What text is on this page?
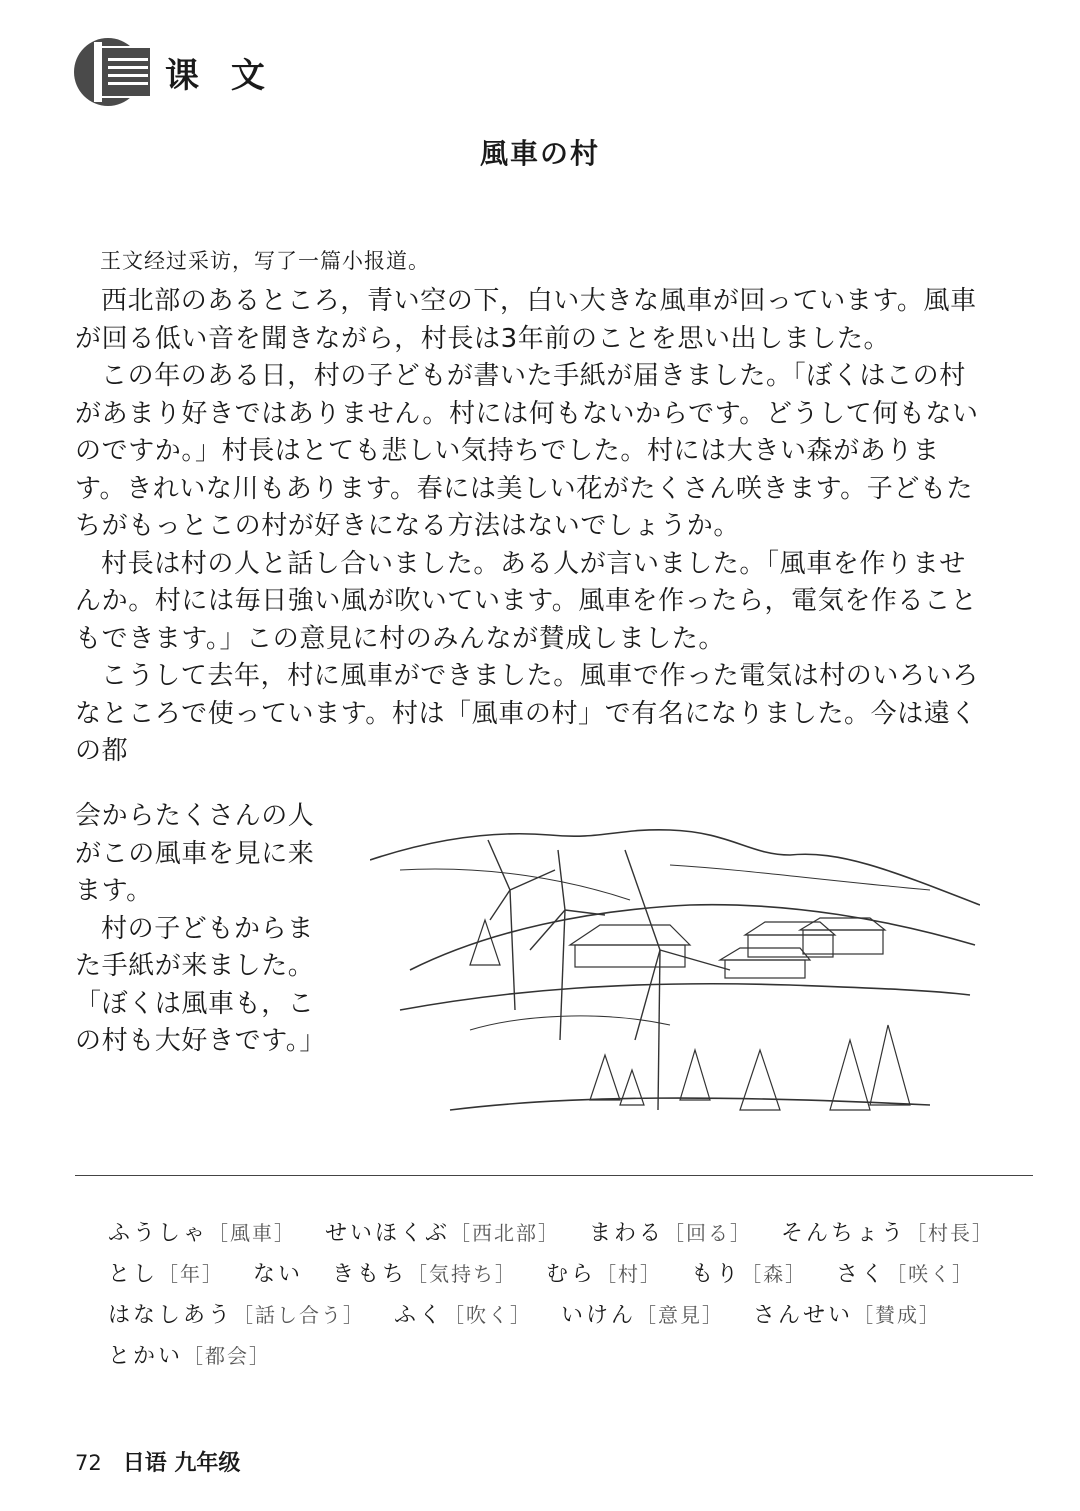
课 文
風車の村
王文经过采访，写了一篇小报道。

西北部のあるところ，青い空の下，白い大きな風車が回っています。風車が回る低い音を聞きながら，村長は3年前のことを思い出しました。

この年のある日，村の子どもが書いた手紙が届きました。「ぼくはこの村があまり好きではありません。村には何もないからです。どうして何もないのですか。」村長はとても悲しい気持ちでした。村には大きい森があります。きれいな川もあります。春には美しい花がたくさん咲きます。子どもたちがもっとこの村が好きになる方法はないでしょうか。

村長は村の人と話し合いました。ある人が言いました。「風車を作りませんか。村には毎日強い風が吹いています。風車を作ったら，電気を作ることもできます。」この意見に村のみんなが賛成しました。

こうして去年，村に風車ができました。風車で作った電気は村のいろいろなところで使っています。村は「風車の村」で有名になりました。今は遠くの都

会からたくさんの人がこの風車を見に来ます。

村の子どもからまた手紙が来ました。「ぼくは風車も，この村も大好きです。」

ふうしゃ［風車］ せいほくぶ［西北部］ まわる［回る］ そんちょう［村長］
とし［年］ ない きもち［気持ち］ むら［村］ もり［森］ さく［咲く］
はなしあう［話し合う］ ふく［吹く］ いけん［意見］ さんせい［賛成］
とかい［都会］
72 日语 九年级
